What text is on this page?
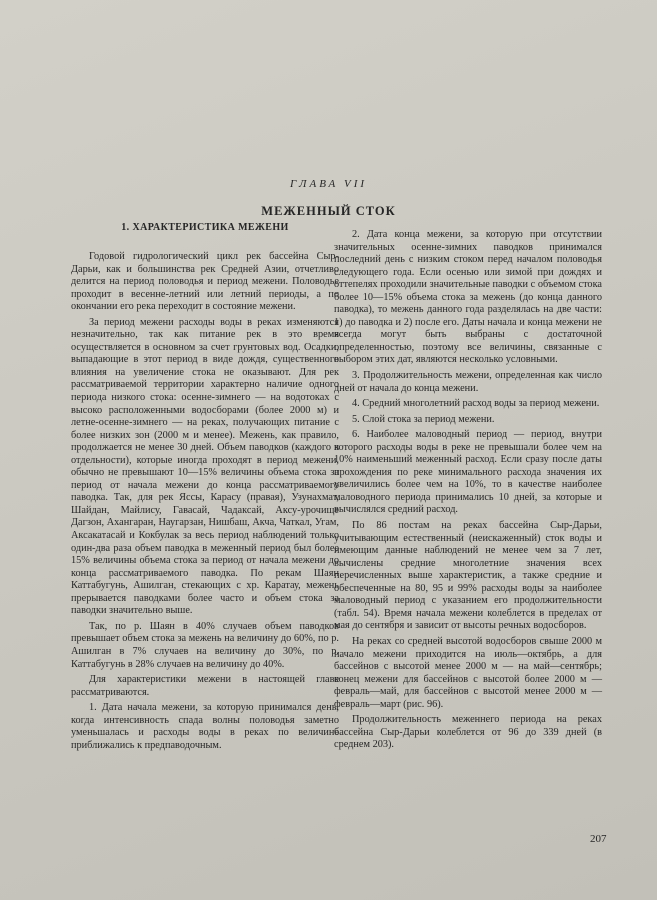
ГЛАВА VII
МЕЖЕННЫЙ СТОК
1. ХАРАКТЕРИСТИКА МЕЖЕНИ

Годовой гидрологический цикл рек бассейна Сыр-Дарьи, как и большинства рек Средней Азии, отчетливо делится на период половодья и период межени. Половодье проходит в весенне-летний или летний периоды, а по окончании его река переходит в состояние межени.

За период межени расходы воды в реках изменяются незначительно, так как питание рек в это время осуществляется в основном за счет грунтовых вод. Осадки, выпадающие в этот период в виде дождя, существенного влияния на увеличение стока не оказывают. Для рек рассматриваемой территории характерно наличие одного периода низкого стока: осенне-зимнего — на водотоках с высоко расположенными водосборами (более 2000 м) и летне-осенне-зимнего — на реках, получающих питание с более низких зон (2000 м и менее). Межень, как правило, продолжается не менее 30 дней. Объем паводков (каждого в отдельности), которые иногда проходят в период межени, обычно не превышают 10—15% величины объема стока за период от начала межени до конца рассматриваемого паводка. Так, для рек Ясcы, Карасу (правая), Узунахмат, Шайдан, Майлису, Гавасай, Чадаксай, Аксу-урочище Дагзон, Ахангаран, Наугарзан, Нишбаш, Акча, Чаткал, Угам, Аксакатасай и Кокбулак за весь период наблюдений только один-два раза объем паводка в меженный период был более 15% величины объема стока за период от начала межени до конца рассматриваемого паводка. По рекам Шаян Каттабугунь, Ашилган, стекающих с хр. Каратау, межень прерывается паводками более часто и объем стока за паводки значительно выше.

Так, по р. Шаян в 40% случаев объем паводков превышает объем стока за межень на величину до 60%, по р. Ашилган в 7% случаев на величину до 30%, по р. Каттабугунь в 28% случаев на величину до 40%.

Для характеристики межени в настоящей главе рассматриваются.

1. Дата начала межени, за которую принимался день, когда интенсивность спада волны половодья заметно уменьшалась и расходы воды в реках по величине приближались к предпаводочным.

2. Дата конца межени, за которую при отсутствии значительных осенне-зимних паводков принимался последний день с низким стоком перед началом половодья следующего года. Если осенью или зимой при дождях и оттепелях проходили значительные паводки с объемом стока более 10—15% объема стока за межень (до конца данного паводка), то межень данного года разделялась на две части: 1) до паводка и 2) после его. Даты начала и конца межени не всегда могут быть выбраны с достаточной определенностью, поэтому все величины, связанные с выбором этих дат, являются несколько условными.

3. Продолжительность межени, определенная как число дней от начала до конца межени.

4. Средний многолетний расход воды за период межени.

5. Слой стока за период межени.

6. Наиболее маловодный период — период, внутри которого расходы воды в реке не превышали более чем на 10% наименьший меженный расход. Если сразу после даты прохождения по реке минимального расхода значения их увеличились более чем на 10%, то в качестве наиболее маловодного периода принимались 10 дней, за которые и вычислялся средний расход.

По 86 постам на реках бассейна Сыр-Дарьи, учитывающим естественный (неискаженный) сток воды и имеющим данные наблюдений не менее чем за 7 лет, вычислены средние многолетние значения всех перечисленных выше характеристик, а также средние и обеспеченные на 80, 95 и 99% расходы воды за наиболее маловодный период с указанием его продолжительности (табл. 54). Время начала межени колеблется в пределах от мая до сентября и зависит от высоты речных водосборов.

На реках со средней высотой водосборов свыше 2000 м начало межени приходится на июль—октябрь, а для бассейнов с высотой менее 2000 м — на май—сентябрь; конец межени для бассейнов с высотой более 2000 м — февраль—май, для бассейнов с высотой менее 2000 м — февраль—март (рис. 96).

Продолжительность меженнего периода на реках бассейна Сыр-Дарьи колеблется от 96 до 339 дней (в среднем 203).

207
